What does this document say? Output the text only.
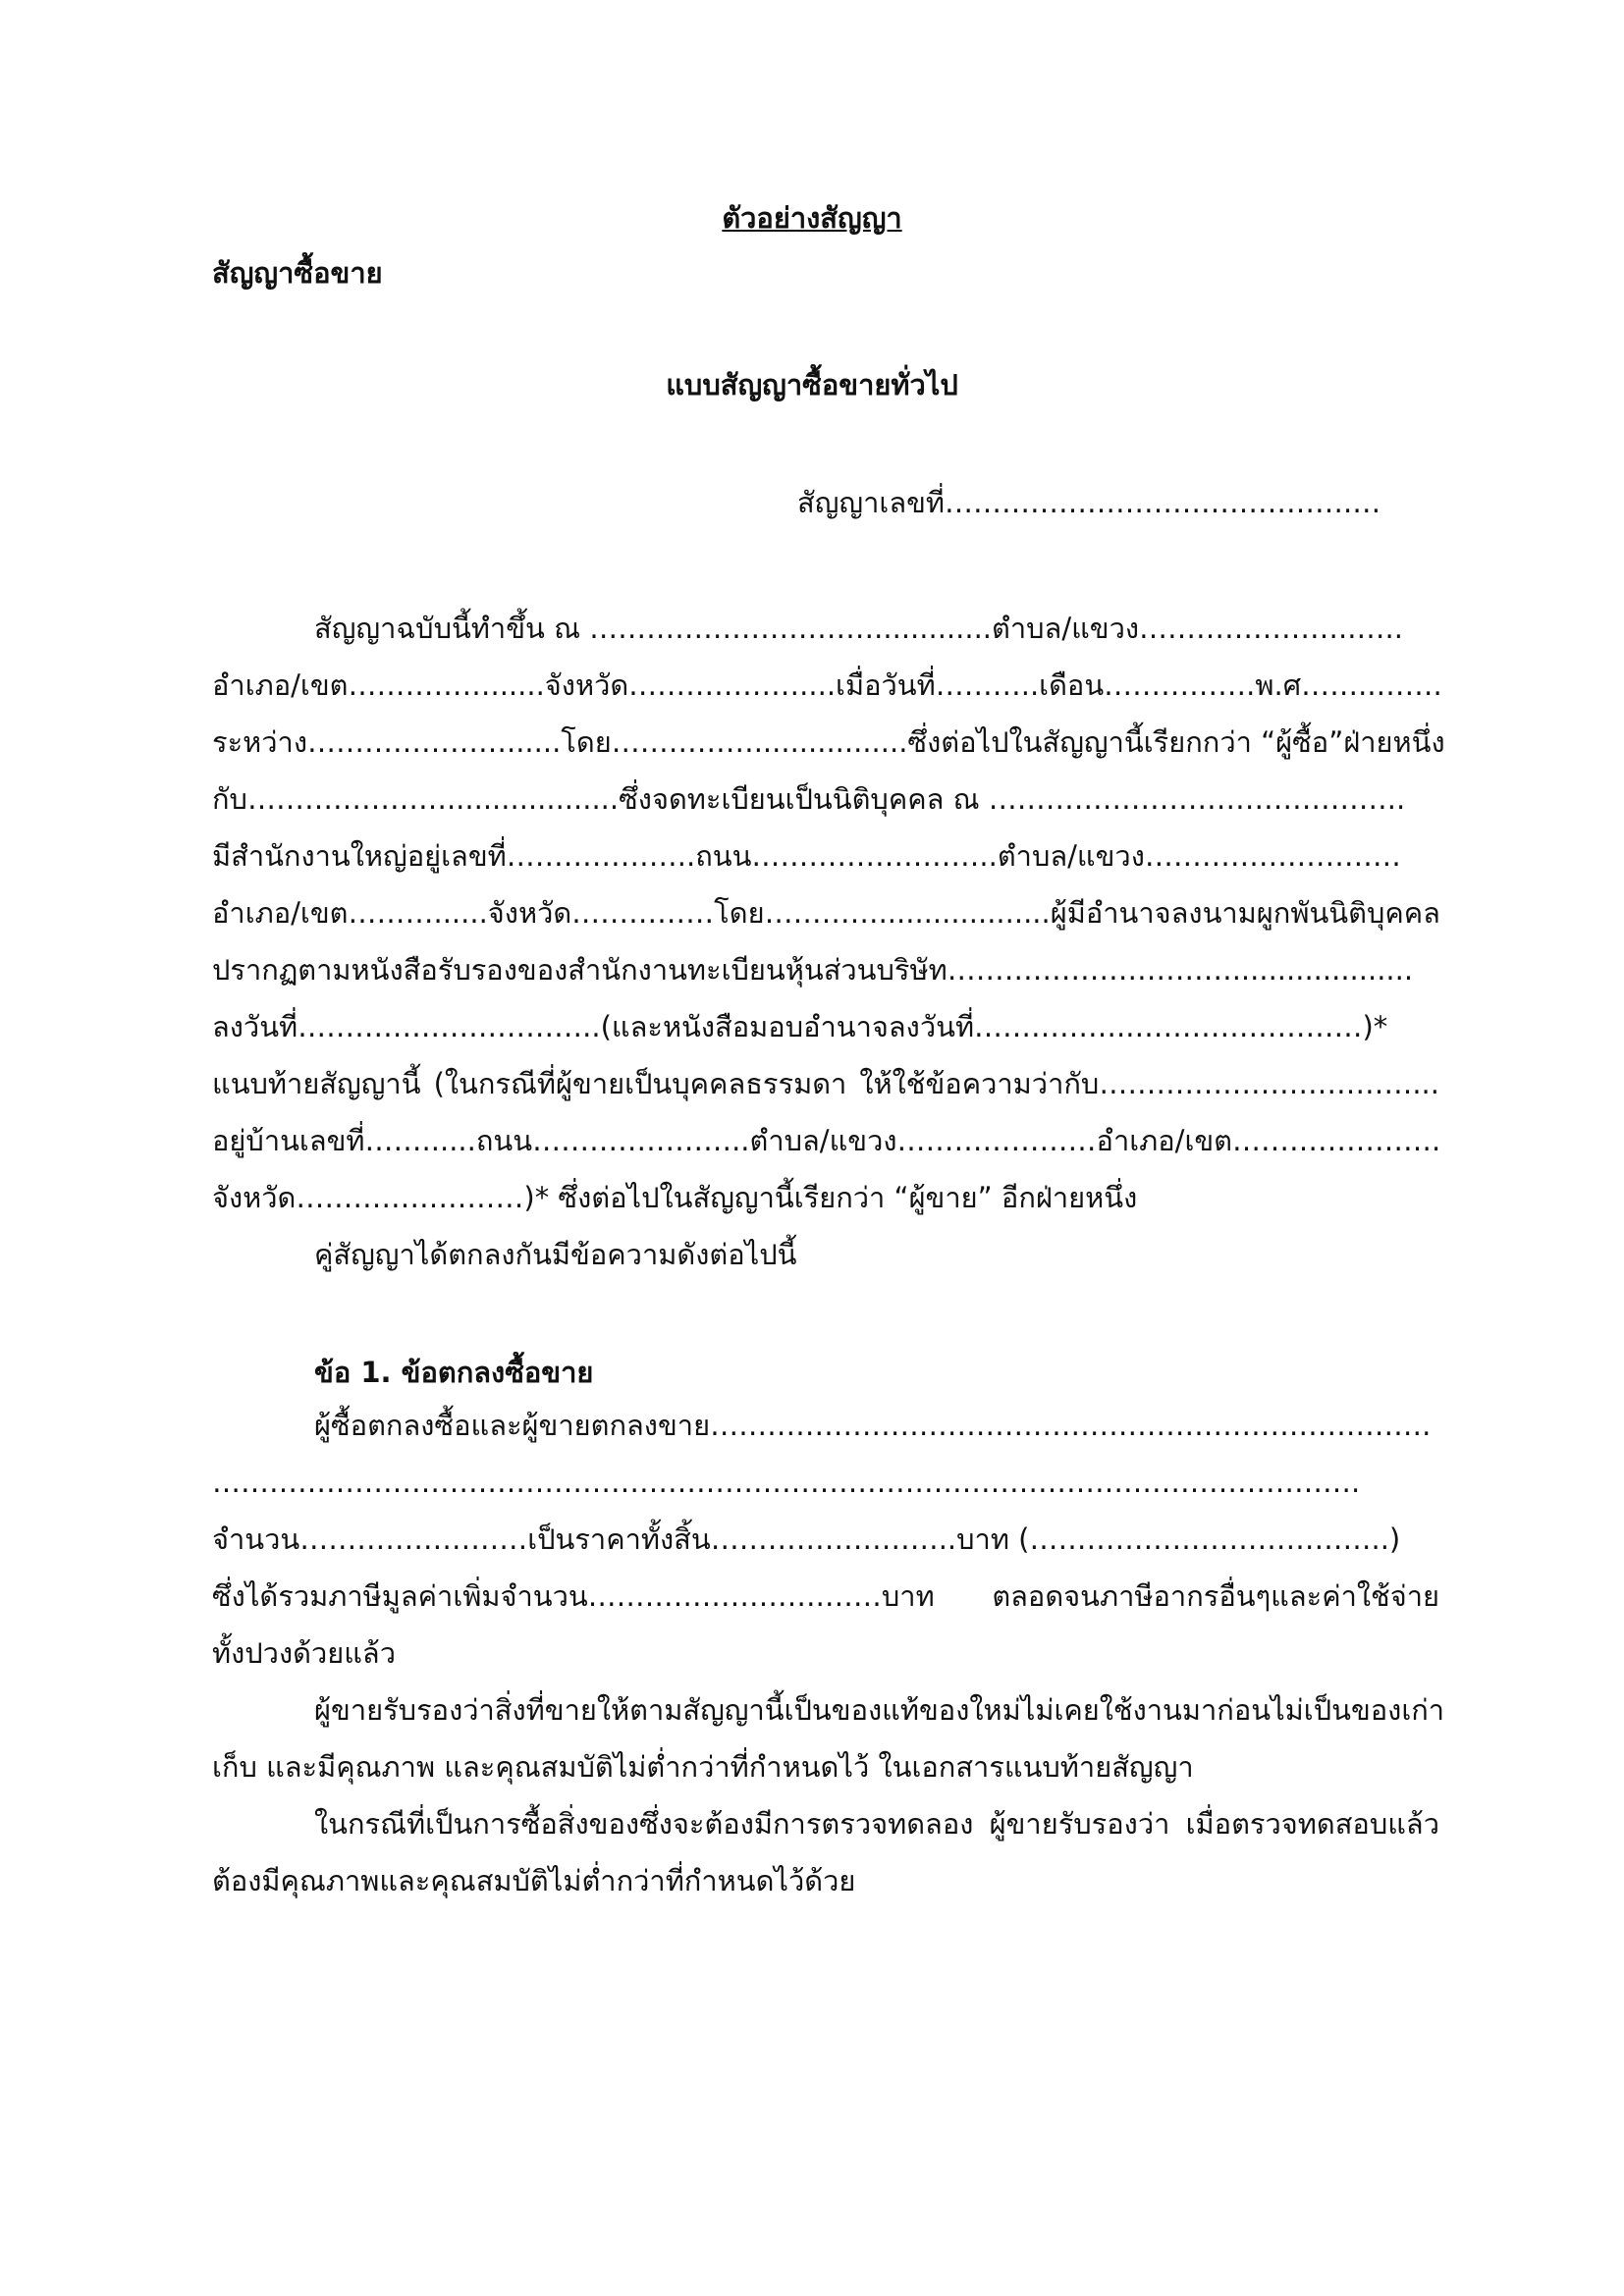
ตัวอย่างสัญญา
สัญญาซื้อขาย
แบบสัญญาซื้อขายทั่วไป
สัญญาเลขที่…………………………………….…
สัญญาฉบับนี้ทำขึ้น ณ ………………………….............ตำบล/แขวง…………………..…..
อำเภอ/เขต……………......จังหวัด………………....เมื่อวันที่………..เดือน…………….พ.ศ… …..…….
ระหว่าง…………………......โดย…………….................ซึ่งต่อไปในสัญญานี้เรียกกว่า “ผู้ซื้อ” ฝ่ายหนึ่ง
กับ…………………...................ซึ่งจดทะเบียนเป็นนิติบุคคล ณ ……………………………………..
มีสำนักงานใหญ่อยู่เลขที่………………..ถนน……………………..ตำบล/แขวง………………………
อำเภอ/เขต………......จังหวัด……………โดย…………...................ผู้มีอำนาจลงนามผูกพันนิติบุคคล
ปรากฏตามหนังสือรับรองของสำนักงานทะเบียนหุ้นส่วนบริษัท…………………………....................
ลงวันที่…………………………..(และหนังสือมอบอำนาจลงวันที่……………..……………………)*
แนบท้ายสัญญานี้ (ในกรณีที่ผู้ขายเป็นบุคคลธรรมดา ให้ใช้ข้อความว่ากับ……………………………...
อยู่บ้านเลขที่……......ถนน…………………..ตำบล/แขวง…………………อำเภอ/เขต………………….
จังหวัด……………………)* ซึ่งต่อไปในสัญญานี้เรียกว่า “ผู้ขาย” อีกฝ่ายหนึ่ง
คู่สัญญาได้ตกลงกันมีข้อความดังต่อไปนี้
ข้อ 1. ข้อตกลงซื้อขาย
ผู้ซื้อตกลงซื้อและผู้ขายตกลงขาย………………………………………………………………….
………………………………………………………………………………………………………….
จำนวน……………………เป็นราคาทั้งสิ้น……………………..บาท (………………………………..)
ซึ่งได้รวมภาษีมูลค่าเพิ่มจำนวน…………………….……บาท ตลอดจนภาษีอากรอื่นๆและค่าใช้จ่าย
ทั้งปวงด้วยแล้ว
ผู้ขายรับรองว่าสิ่งที่ขายให้ตามสัญญานี้เป็นของแท้ ของใหม่ ไม่เคยใช้งานมาก่อน ไม่เป็นของเก่า
เก็บ และมีคุณภาพ และคุณสมบัติไม่ต่ำกว่าที่กำหนดไว้ ในเอกสารแนบท้ายสัญญา
ในกรณีที่เป็นการซื้อสิ่งของซึ่งจะต้องมีการตรวจทดลอง ผู้ขายรับรองว่า เมื่อตรวจทดสอบแล้ว
ต้องมีคุณภาพและคุณสมบัติไม่ต่ำกว่าที่กำหนดไว้ด้วย
